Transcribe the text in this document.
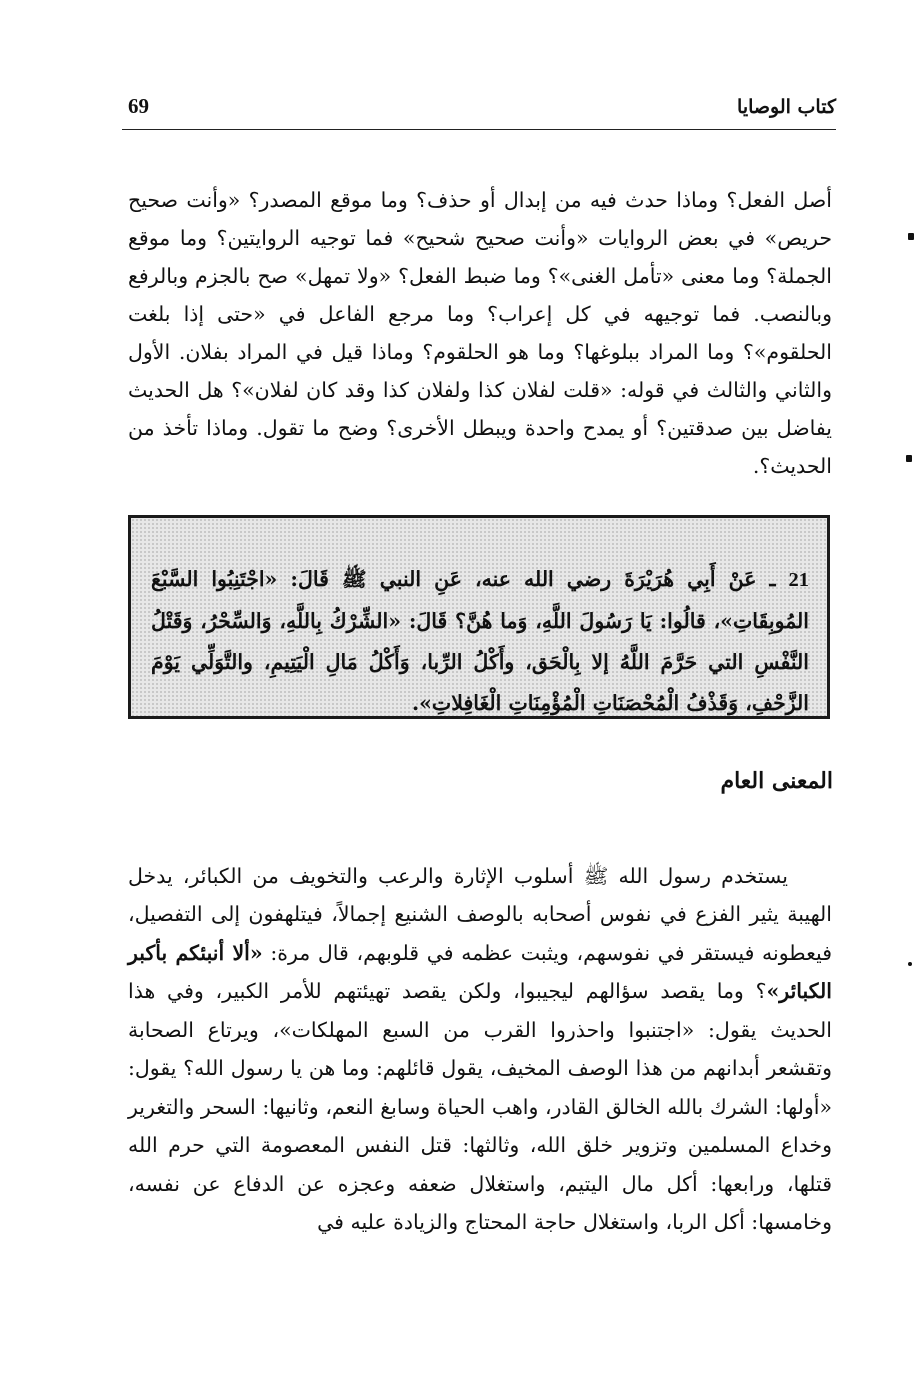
كتاب الوصايا
69

أصل الفعل؟ وماذا حدث فيه من إبدال أو حذف؟ وما موقع المصدر؟ «وأنت صحيح حريص» في بعض الروايات «وأنت صحيح شحيح» فما توجيه الروايتين؟ وما موقع الجملة؟ وما معنى «تأمل الغنى»؟ وما ضبط الفعل؟ «ولا تمهل» صح بالجزم وبالرفع وبالنصب. فما توجيهه في كل إعراب؟ وما مرجع الفاعل في «حتى إذا بلغت الحلقوم»؟ وما المراد ببلوغها؟ وما هو الحلقوم؟ وماذا قيل في المراد بفلان. الأول والثاني والثالث في قوله: «قلت لفلان كذا ولفلان كذا وقد كان لفلان»؟ هل الحديث يفاضل بين صدقتين؟ أو يمدح واحدة ويبطل الأخرى؟ وضح ما تقول. وماذا تأخذ من الحديث؟.

21 ـ عَنْ أَبِي هُرَيْرَةَ رضي الله عنه، عَنِ النبي ﷺ قَالَ: «اجْتَنِبُوا السَّبْعَ المُوبِقَاتِ»، قالُوا: يَا رَسُولَ اللَّهِ، وَما هُنَّ؟ قَالَ: «الشِّرْكُ بِاللَّهِ، وَالسِّحْرُ، وَقَتْلُ النَّفْسِ التي حَرَّمَ اللَّهُ إلا بِالْحَق، وأَكْلُ الرِّبا، وَأَكْلُ مَالِ الْيَتِيمِ، والتَّوَلِّي يَوْمَ الزَّحْفِ، وَقَذْفُ الْمُحْصَنَاتِ الْمُؤْمِنَاتِ الْغَافِلاتِ».

المعنى العام

يستخدم رسول الله ﷺ أسلوب الإثارة والرعب والتخويف من الكبائر، يدخل الهيبة يثير الفزع في نفوس أصحابه بالوصف الشنيع إجمالاً، فيتلهفون إلى التفصيل، فيعطونه فيستقر في نفوسهم، ويثبت عظمه في قلوبهم، قال مرة: «ألا أنبئكم بأكبر الكبائر»؟ وما يقصد سؤالهم ليجيبوا، ولكن يقصد تهيئتهم للأمر الكبير، وفي هذا الحديث يقول: «اجتنبوا واحذروا القرب من السبع المهلكات»، ويرتاع الصحابة وتقشعر أبدانهم من هذا الوصف المخيف، يقول قائلهم: وما هن يا رسول الله؟ يقول: «أولها: الشرك بالله الخالق القادر، واهب الحياة وسابغ النعم، وثانيها: السحر والتغرير وخداع المسلمين وتزوير خلق الله، وثالثها: قتل النفس المعصومة التي حرم الله قتلها، ورابعها: أكل مال اليتيم، واستغلال ضعفه وعجزه عن الدفاع عن نفسه، وخامسها: أكل الربا، واستغلال حاجة المحتاج والزيادة عليه في
